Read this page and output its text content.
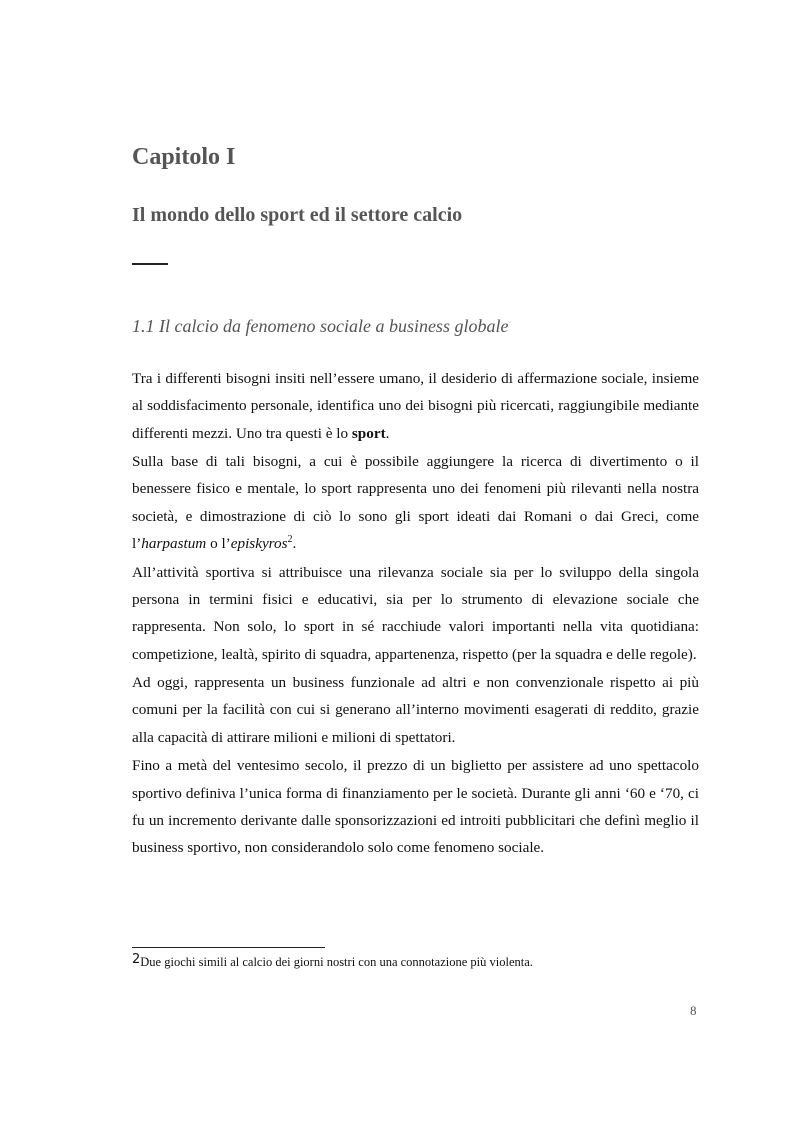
Capitolo I
Il mondo dello sport ed il settore calcio
1.1 Il calcio da fenomeno sociale a business globale

Tra i differenti bisogni insiti nell’essere umano, il desiderio di affermazione sociale, insieme al soddisfacimento personale, identifica uno dei bisogni più ricercati, raggiungibile mediante differenti mezzi. Uno tra questi è lo sport.

Sulla base di tali bisogni, a cui è possibile aggiungere la ricerca di divertimento o il benessere fisico e mentale, lo sport rappresenta uno dei fenomeni più rilevanti nella nostra società, e dimostrazione di ciò lo sono gli sport ideati dai Romani o dai Greci, come l’harpastum o l’episkyros$^2$.

All’attività sportiva si attribuisce una rilevanza sociale sia per lo sviluppo della singola persona in termini fisici e educativi, sia per lo strumento di elevazione sociale che rappresenta. Non solo, lo sport in sé racchiude valori importanti nella vita quotidiana: competizione, lealtà, spirito di squadra, appartenenza, rispetto (per la squadra e delle regole).

Ad oggi, rappresenta un business funzionale ad altri e non convenzionale rispetto ai più comuni per la facilità con cui si generano all’interno movimenti esagerati di reddito, grazie alla capacità di attirare milioni e milioni di spettatori.

Fino a metà del ventesimo secolo, il prezzo di un biglietto per assistere ad uno spettacolo sportivo definiva l’unica forma di finanziamento per le società. Durante gli anni ‘60 e ‘70, ci fu un incremento derivante dalle sponsorizzazioni ed introiti pubblicitari che definì meglio il business sportivo, non considerandolo solo come fenomeno sociale.

2Due giochi simili al calcio dei giorni nostri con una connotazione più violenta.
8
